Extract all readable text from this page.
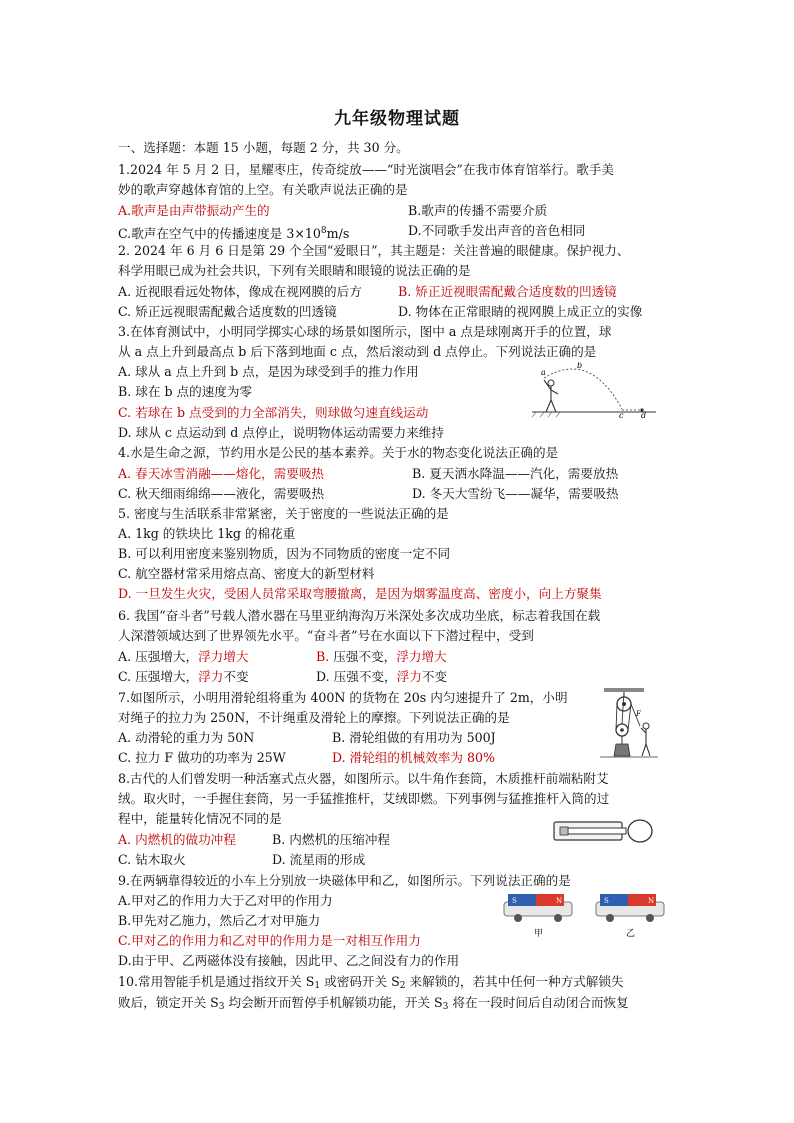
九年级物理试题
一、选择题：本题 15 小题，每题 2 分，共 30 分。
1.2024 年 5 月 2 日，星耀枣庄，传奇绽放——“时光演唱会”在我市体育馆举行。歌手美
妙的歌声穿越体育馆的上空。有关歌声说法正确的是
A.歌声是由声带振动产生的	B.歌声的传播不需要介质
C.歌声在空气中的传播速度是 $3\times 10^8m/s$	D.不同歌手发出声音的音色相同
2. 2024 年 6 月 6 日是第 29 个全国“爱眼日”，其主题是：关注普遍的眼健康。保护视力、
科学用眼已成为社会共识，下列有关眼睛和眼镜的说法正确的是
A. 近视眼看远处物体，像成在视网膜的后方	B. 矫正近视眼需配戴合适度数的凹透镜
C. 矫正远视眼需配戴合适度数的凹透镜	D. 物体在正常眼睛的视网膜上成正立的实像
3.在体育测试中，小明同学掷实心球的场景如图所示，图中 a 点是球刚离开手的位置，球
从 a 点上升到最高点 b 后下落到地面 c 点，然后滚动到 d 点停止。下列说法正确的是
A. 球从 a 点上升到 b 点，是因为球受到手的推力作用
B. 球在 b 点的速度为零
C. 若球在 b 点受到的力全部消失，则球做匀速直线运动
D. 球从 c 点运动到 d 点停止，说明物体运动需要力来维持
a
b
c d
4.水是生命之源，节约用水是公民的基本素养。关于水的物态变化说法正确的是
A. 春天冰雪消融——熔化，需要吸热	B. 夏天洒水降温——汽化，需要放热
C. 秋天细雨绵绵——液化，需要吸热	D. 冬天大雪纷飞——凝华，需要吸热
5. 密度与生活联系非常紧密，关于密度的一些说法正确的是
A. 1kg 的铁块比 1kg 的棉花重
B. 可以利用密度来鉴别物质，因为不同物质的密度一定不同
C. 航空器材常采用熔点高、密度大的新型材料
D. 一旦发生火灾，受困人员常采取弯腰撤离，是因为烟雾温度高、密度小，向上方聚集
6. 我国“奋斗者”号载人潜水器在马里亚纳海沟万米深处多次成功坐底，标志着我国在载
人深潜领域达到了世界领先水平。“奋斗者”号在水面以下下潜过程中，受到
A. 压强增大，浮力增大	B. 压强不变，浮力增大
C. 压强增大，浮力不变	D. 压强不变，浮力不变
7.如图所示，小明用滑轮组将重为 400N 的货物在 20s 内匀速提升了 2m，小明
对绳子的拉力为 250N，不计绳重及滑轮上的摩擦。下列说法正确的是
A. 动滑轮的重力为 50N	B. 滑轮组做的有用功为 500J
C. 拉力 F 做功的功率为 25W	D. 滑轮组的机械效率为 80%
F
8.古代的人们曾发明一种活塞式点火器，如图所示。以牛角作套筒，木质推杆前端粘附艾
绒。取火时，一手握住套筒，另一手猛推推杆，艾绒即燃。下列事例与猛推推杆入筒的过
程中，能量转化情况不同的是
A. 内燃机的做功冲程	B. 内燃机的压缩冲程
C. 钻木取火	D. 流星雨的形成
9.在两辆靠得较近的小车上分别放一块磁体甲和乙，如图所示。下列说法正确的是
A.甲对乙的作用力大于乙对甲的作用力
B.甲先对乙施力，然后乙才对甲施力
C.甲对乙的作用力和乙对甲的作用力是一对相互作用力
D.由于甲、乙两磁体没有接触，因此甲、乙之间没有力的作用
S	N	S	N
甲	乙
10.常用智能手机是通过指纹开关 $S_1$ 或密码开关 $S_2$ 来解锁的，若其中任何一种方式解锁失
败后，锁定开关 $S_3$ 均会断开而暂停手机解锁功能，开关 $S_3$ 将在一段时间后自动闭合而恢复
